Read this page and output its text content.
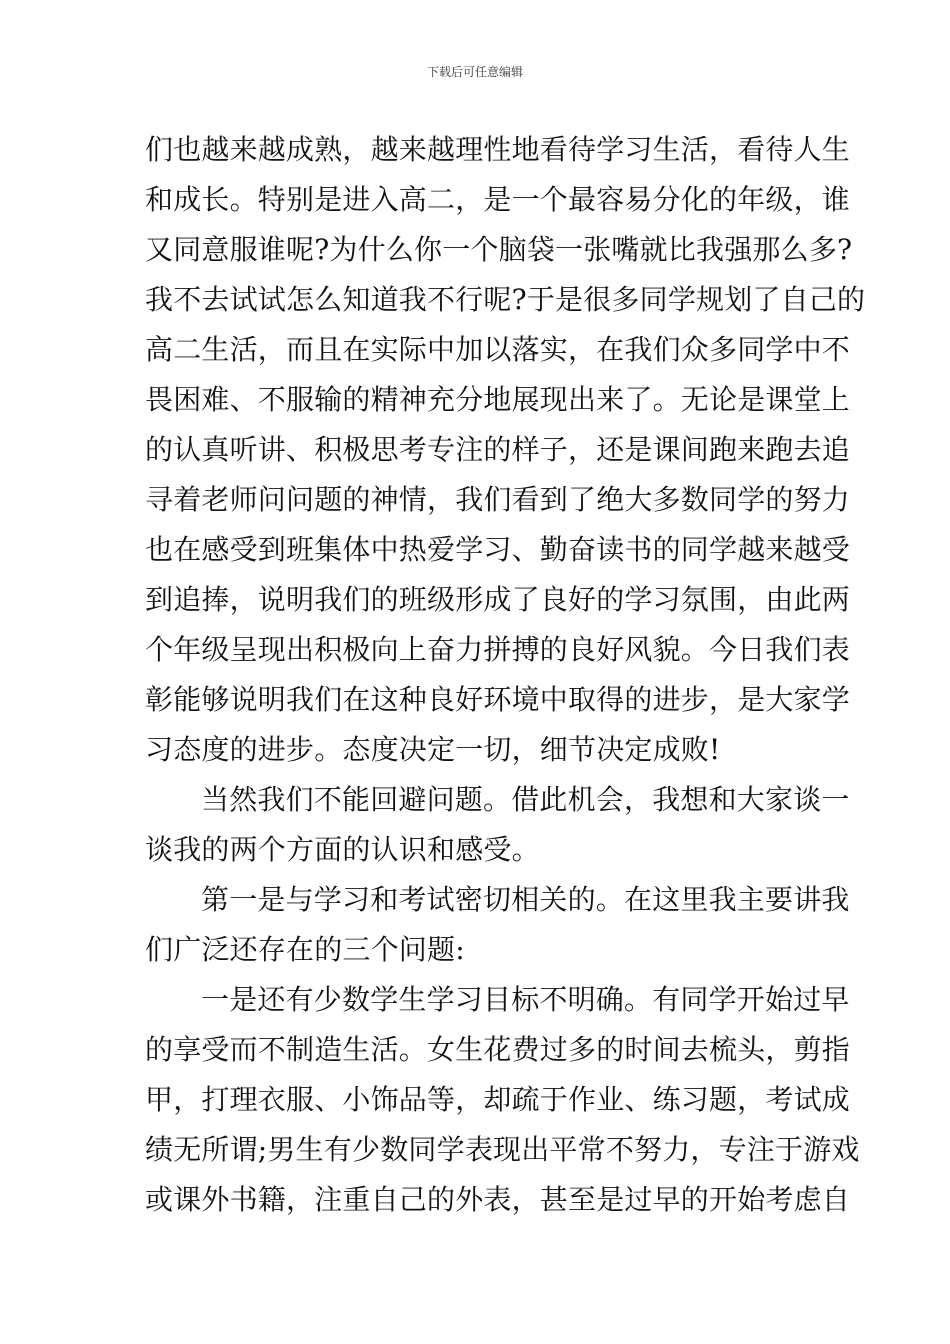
下载后可任意编辑
们也越来越成熟，越来越理性地看待学习生活，看待人生
和成长。特别是进入高二，是一个最容易分化的年级，谁
又同意服谁呢?为什么你一个脑袋一张嘴就比我强那么多?
我不去试试怎么知道我不行呢?于是很多同学规划了自己的
高二生活，而且在实际中加以落实，在我们众多同学中不
畏困难、不服输的精神充分地展现出来了。无论是课堂上
的认真听讲、积极思考专注的样子，还是课间跑来跑去追
寻着老师问问题的神情，我们看到了绝大多数同学的努力
也在感受到班集体中热爱学习、勤奋读书的同学越来越受
到追捧，说明我们的班级形成了良好的学习氛围，由此两
个年级呈现出积极向上奋力拼搏的良好风貌。今日我们表
彰能够说明我们在这种良好环境中取得的进步，是大家学
习态度的进步。态度决定一切，细节决定成败!
当然我们不能回避问题。借此机会，我想和大家谈一
谈我的两个方面的认识和感受。
第一是与学习和考试密切相关的。在这里我主要讲我
们广泛还存在的三个问题:
一是还有少数学生学习目标不明确。有同学开始过早
的享受而不制造生活。女生花费过多的时间去梳头，剪指
甲，打理衣服、小饰品等，却疏于作业、练习题，考试成
绩无所谓;男生有少数同学表现出平常不努力，专注于游戏
或课外书籍，注重自己的外表，甚至是过早的开始考虑自
